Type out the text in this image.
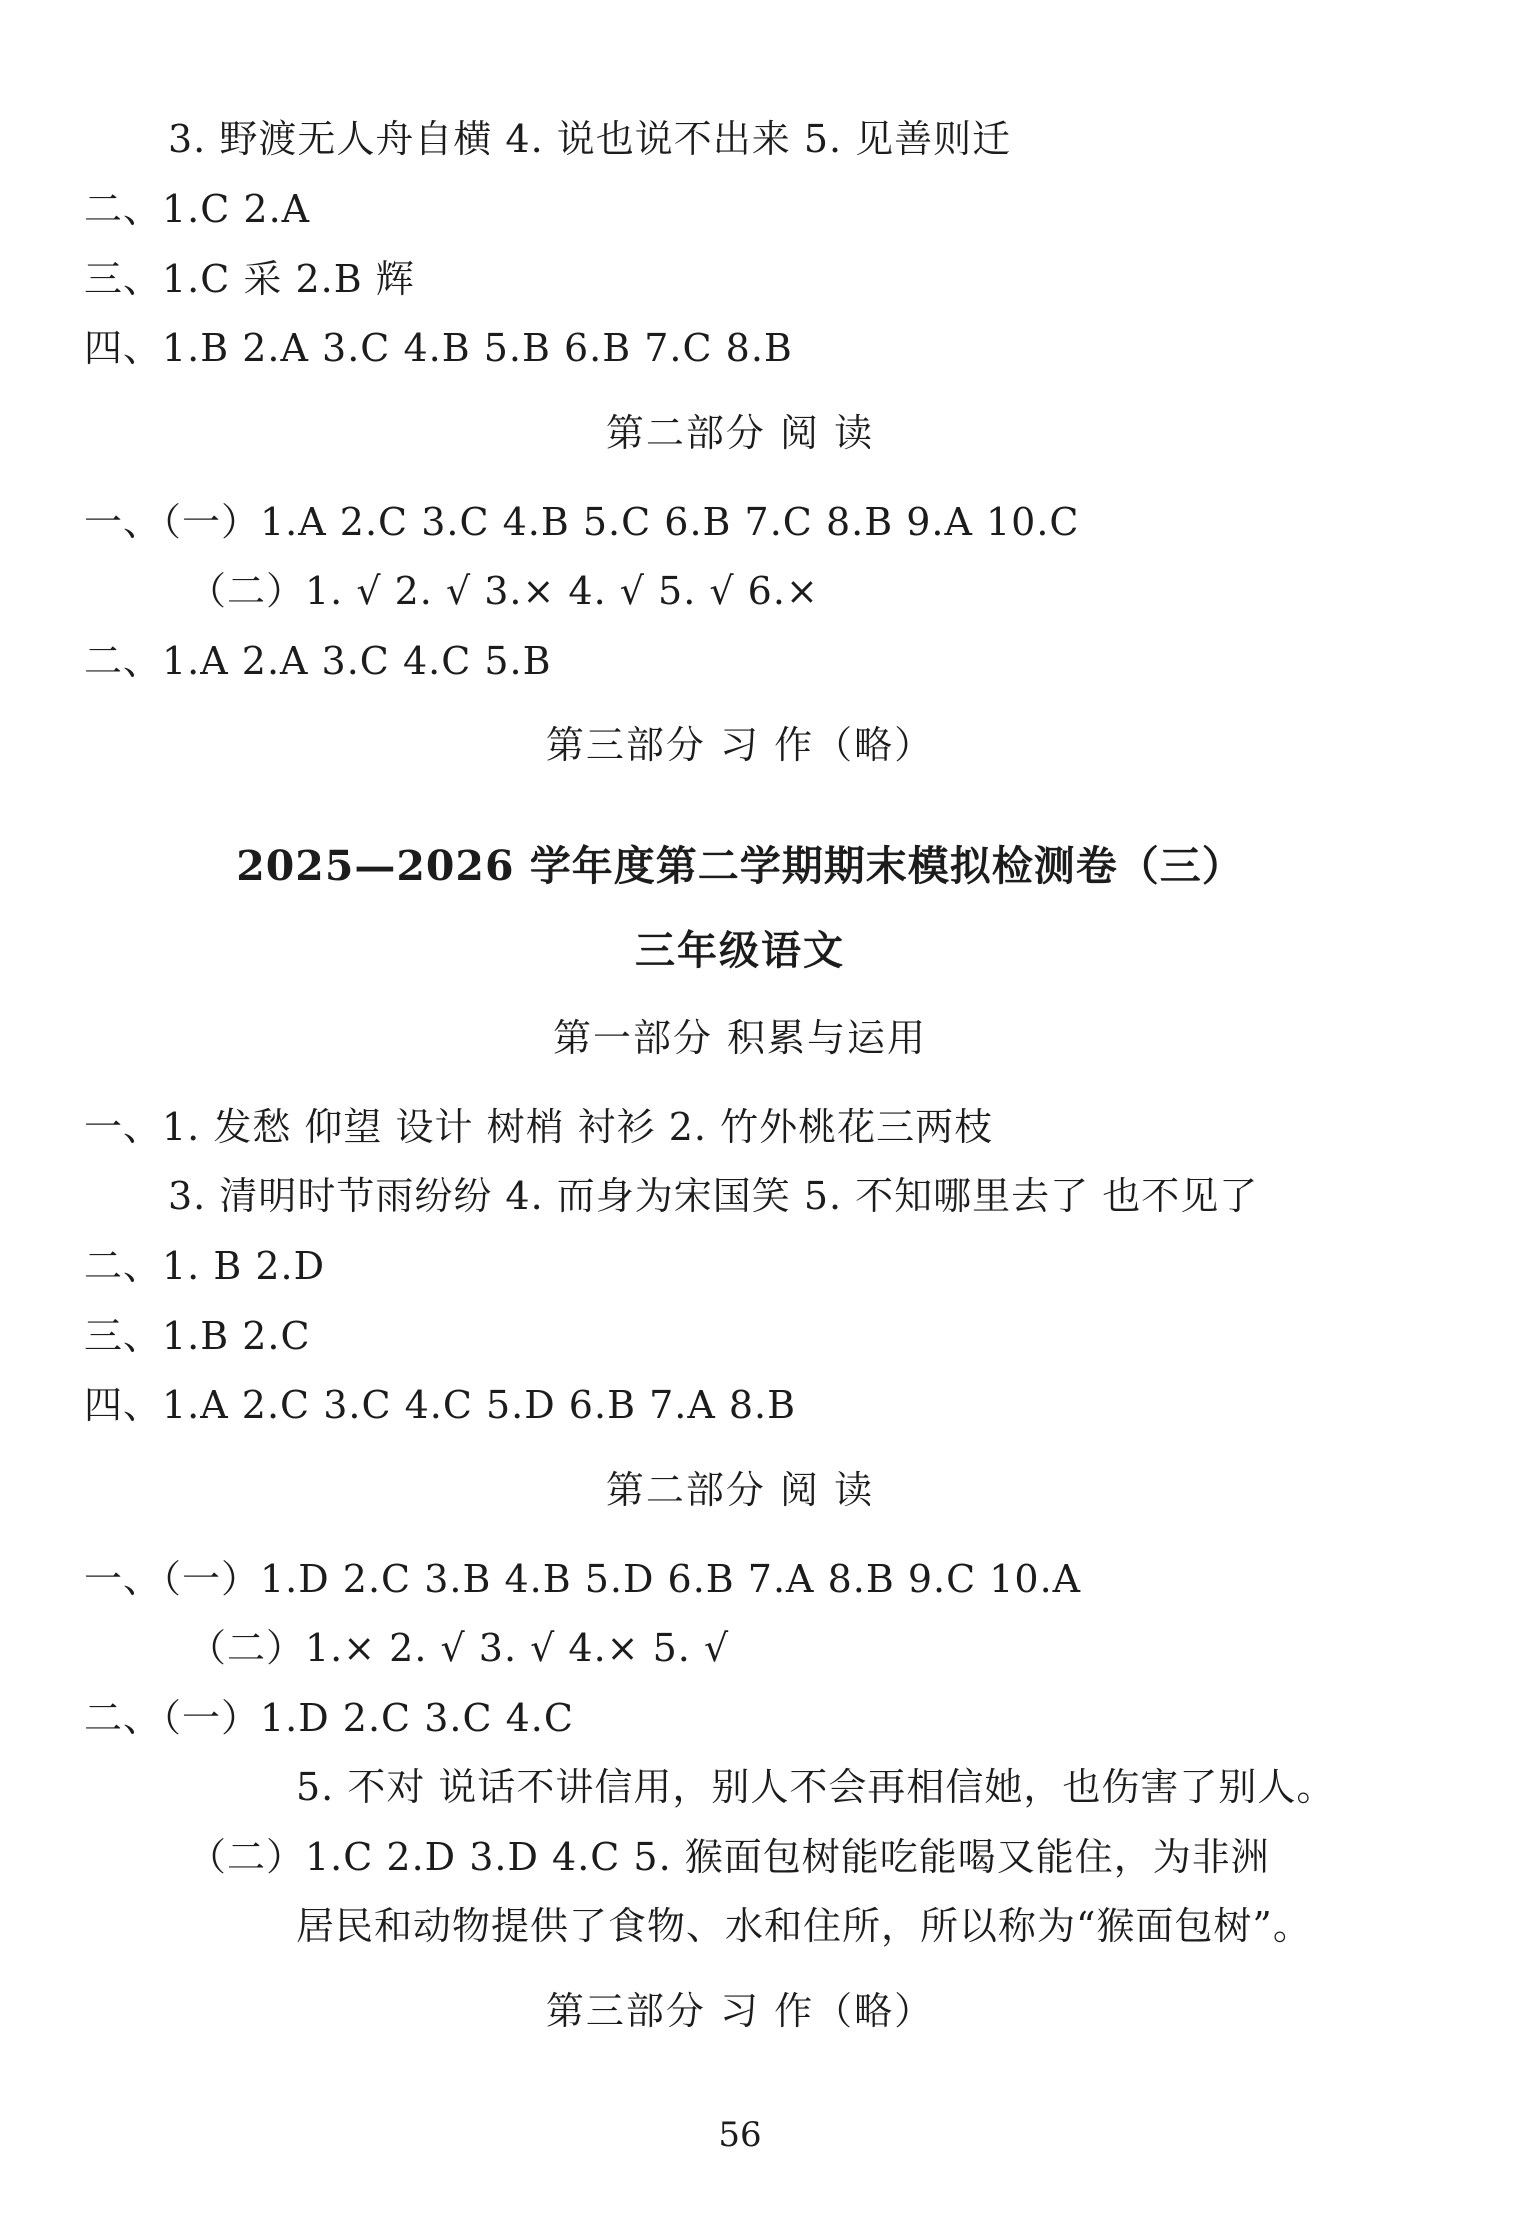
3. 野渡无人舟自横 4. 说也说不出来 5. 见善则迁
二、1.C 2.A
三、1.C 采 2.B 辉
四、1.B 2.A 3.C 4.B 5.B 6.B 7.C 8.B
第二部分 阅 读
一、（一）1.A 2.C 3.C 4.B 5.C 6.B 7.C 8.B 9.A 10.C
（二）1. √ 2. √ 3.× 4. √ 5. √ 6.×
二、1.A 2.A 3.C 4.C 5.B
第三部分 习 作（略）
2025—2026 学年度第二学期期末模拟检测卷（三）
三年级语文
第一部分 积累与运用
一、1. 发愁 仰望 设计 树梢 衬衫 2. 竹外桃花三两枝
3. 清明时节雨纷纷 4. 而身为宋国笑 5. 不知哪里去了 也不见了
二、1. B 2.D
三、1.B 2.C
四、1.A 2.C 3.C 4.C 5.D 6.B 7.A 8.B
第二部分 阅 读
一、（一）1.D 2.C 3.B 4.B 5.D 6.B 7.A 8.B 9.C 10.A
（二）1.× 2. √ 3. √ 4.× 5. √
二、（一）1.D 2.C 3.C 4.C
5. 不对 说话不讲信用，别人不会再相信她，也伤害了别人。
（二）1.C 2.D 3.D 4.C 5. 猴面包树能吃能喝又能住，为非洲
居民和动物提供了食物、水和住所，所以称为“猴面包树”。
第三部分 习 作（略）
56
